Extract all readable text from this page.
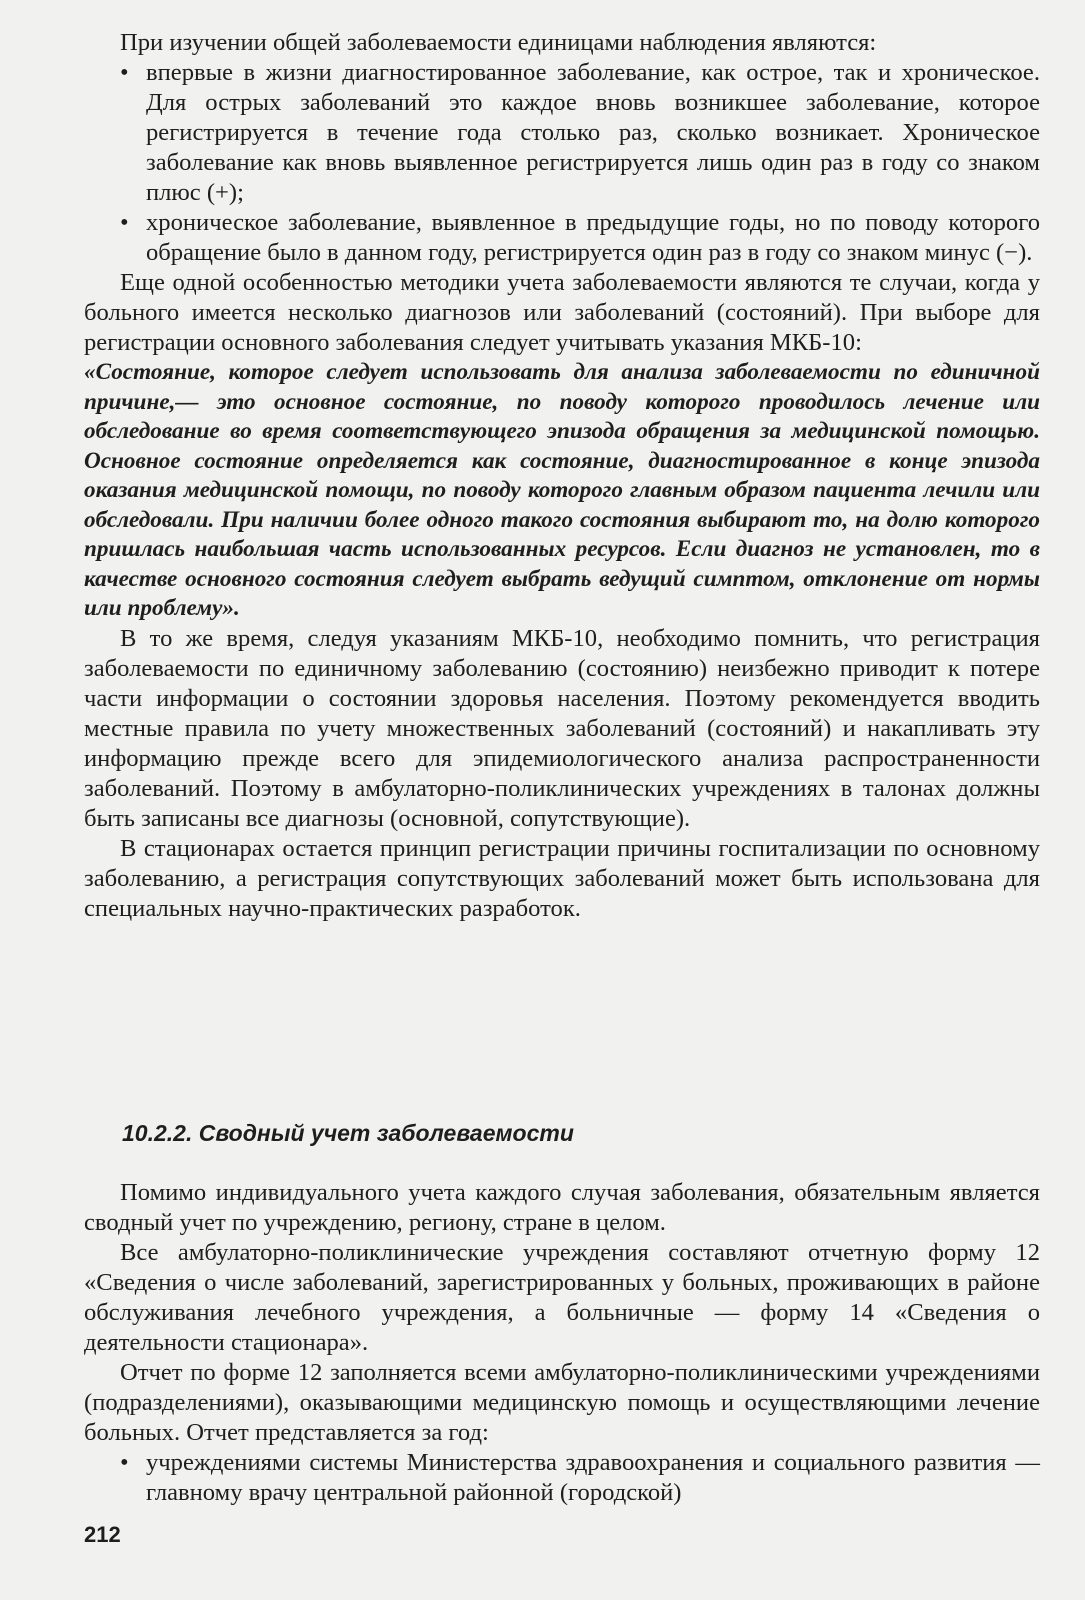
При изучении общей заболеваемости единицами наблюдения являются:

• впервые в жизни диагностированное заболевание, как острое, так и хроническое. Для острых заболеваний это каждое вновь возникшее заболевание, которое регистрируется в течение года столько раз, сколько возникает. Хроническое заболевание как вновь выявленное регистрируется лишь один раз в году со знаком плюс (+);
• хроническое заболевание, выявленное в предыдущие годы, но по поводу которого обращение было в данном году, регистрируется один раз в году со знаком минус (−).

Еще одной особенностью методики учета заболеваемости являются те случаи, когда у больного имеется несколько диагнозов или заболеваний (состояний). При выборе для регистрации основного заболевания следует учитывать указания МКБ-10:

«Состояние, которое следует использовать для анализа заболеваемости по единичной причине,— это основное состояние, по поводу которого проводилось лечение или обследование во время соответствующего эпизода обращения за медицинской помощью. Основное состояние определяется как состояние, диагностированное в конце эпизода оказания медицинской помощи, по поводу которого главным образом пациента лечили или обследовали. При наличии более одного такого состояния выбирают то, на долю которого пришлась наибольшая часть использованных ресурсов. Если диагноз не установлен, то в качестве основного состояния следует выбрать ведущий симптом, отклонение от нормы или проблему».

В то же время, следуя указаниям МКБ-10, необходимо помнить, что регистрация заболеваемости по единичному заболеванию (состоянию) неизбежно приводит к потере части информации о состоянии здоровья населения. Поэтому рекомендуется вводить местные правила по учету множественных заболеваний (состояний) и накапливать эту информацию прежде всего для эпидемиологического анализа распространенности заболеваний. Поэтому в амбулаторно-поликлинических учреждениях в талонах должны быть записаны все диагнозы (основной, сопутствующие).

В стационарах остается принцип регистрации причины госпитализации по основному заболеванию, а регистрация сопутствующих заболеваний может быть использована для специальных научно-практических разработок.

10.2.2. Сводный учет заболеваемости

Помимо индивидуального учета каждого случая заболевания, обязательным является сводный учет по учреждению, региону, стране в целом.

Все амбулаторно-поликлинические учреждения составляют отчетную форму 12 «Сведения о числе заболеваний, зарегистрированных у больных, проживающих в районе обслуживания лечебного учреждения, а больничные — форму 14 «Сведения о деятельности стационара».

Отчет по форме 12 заполняется всеми амбулаторно-поликлиническими учреждениями (подразделениями), оказывающими медицинскую помощь и осуществляющими лечение больных. Отчет представляется за год:

• учреждениями системы Министерства здравоохранения и социального развития — главному врачу центральной районной (городской)
212
